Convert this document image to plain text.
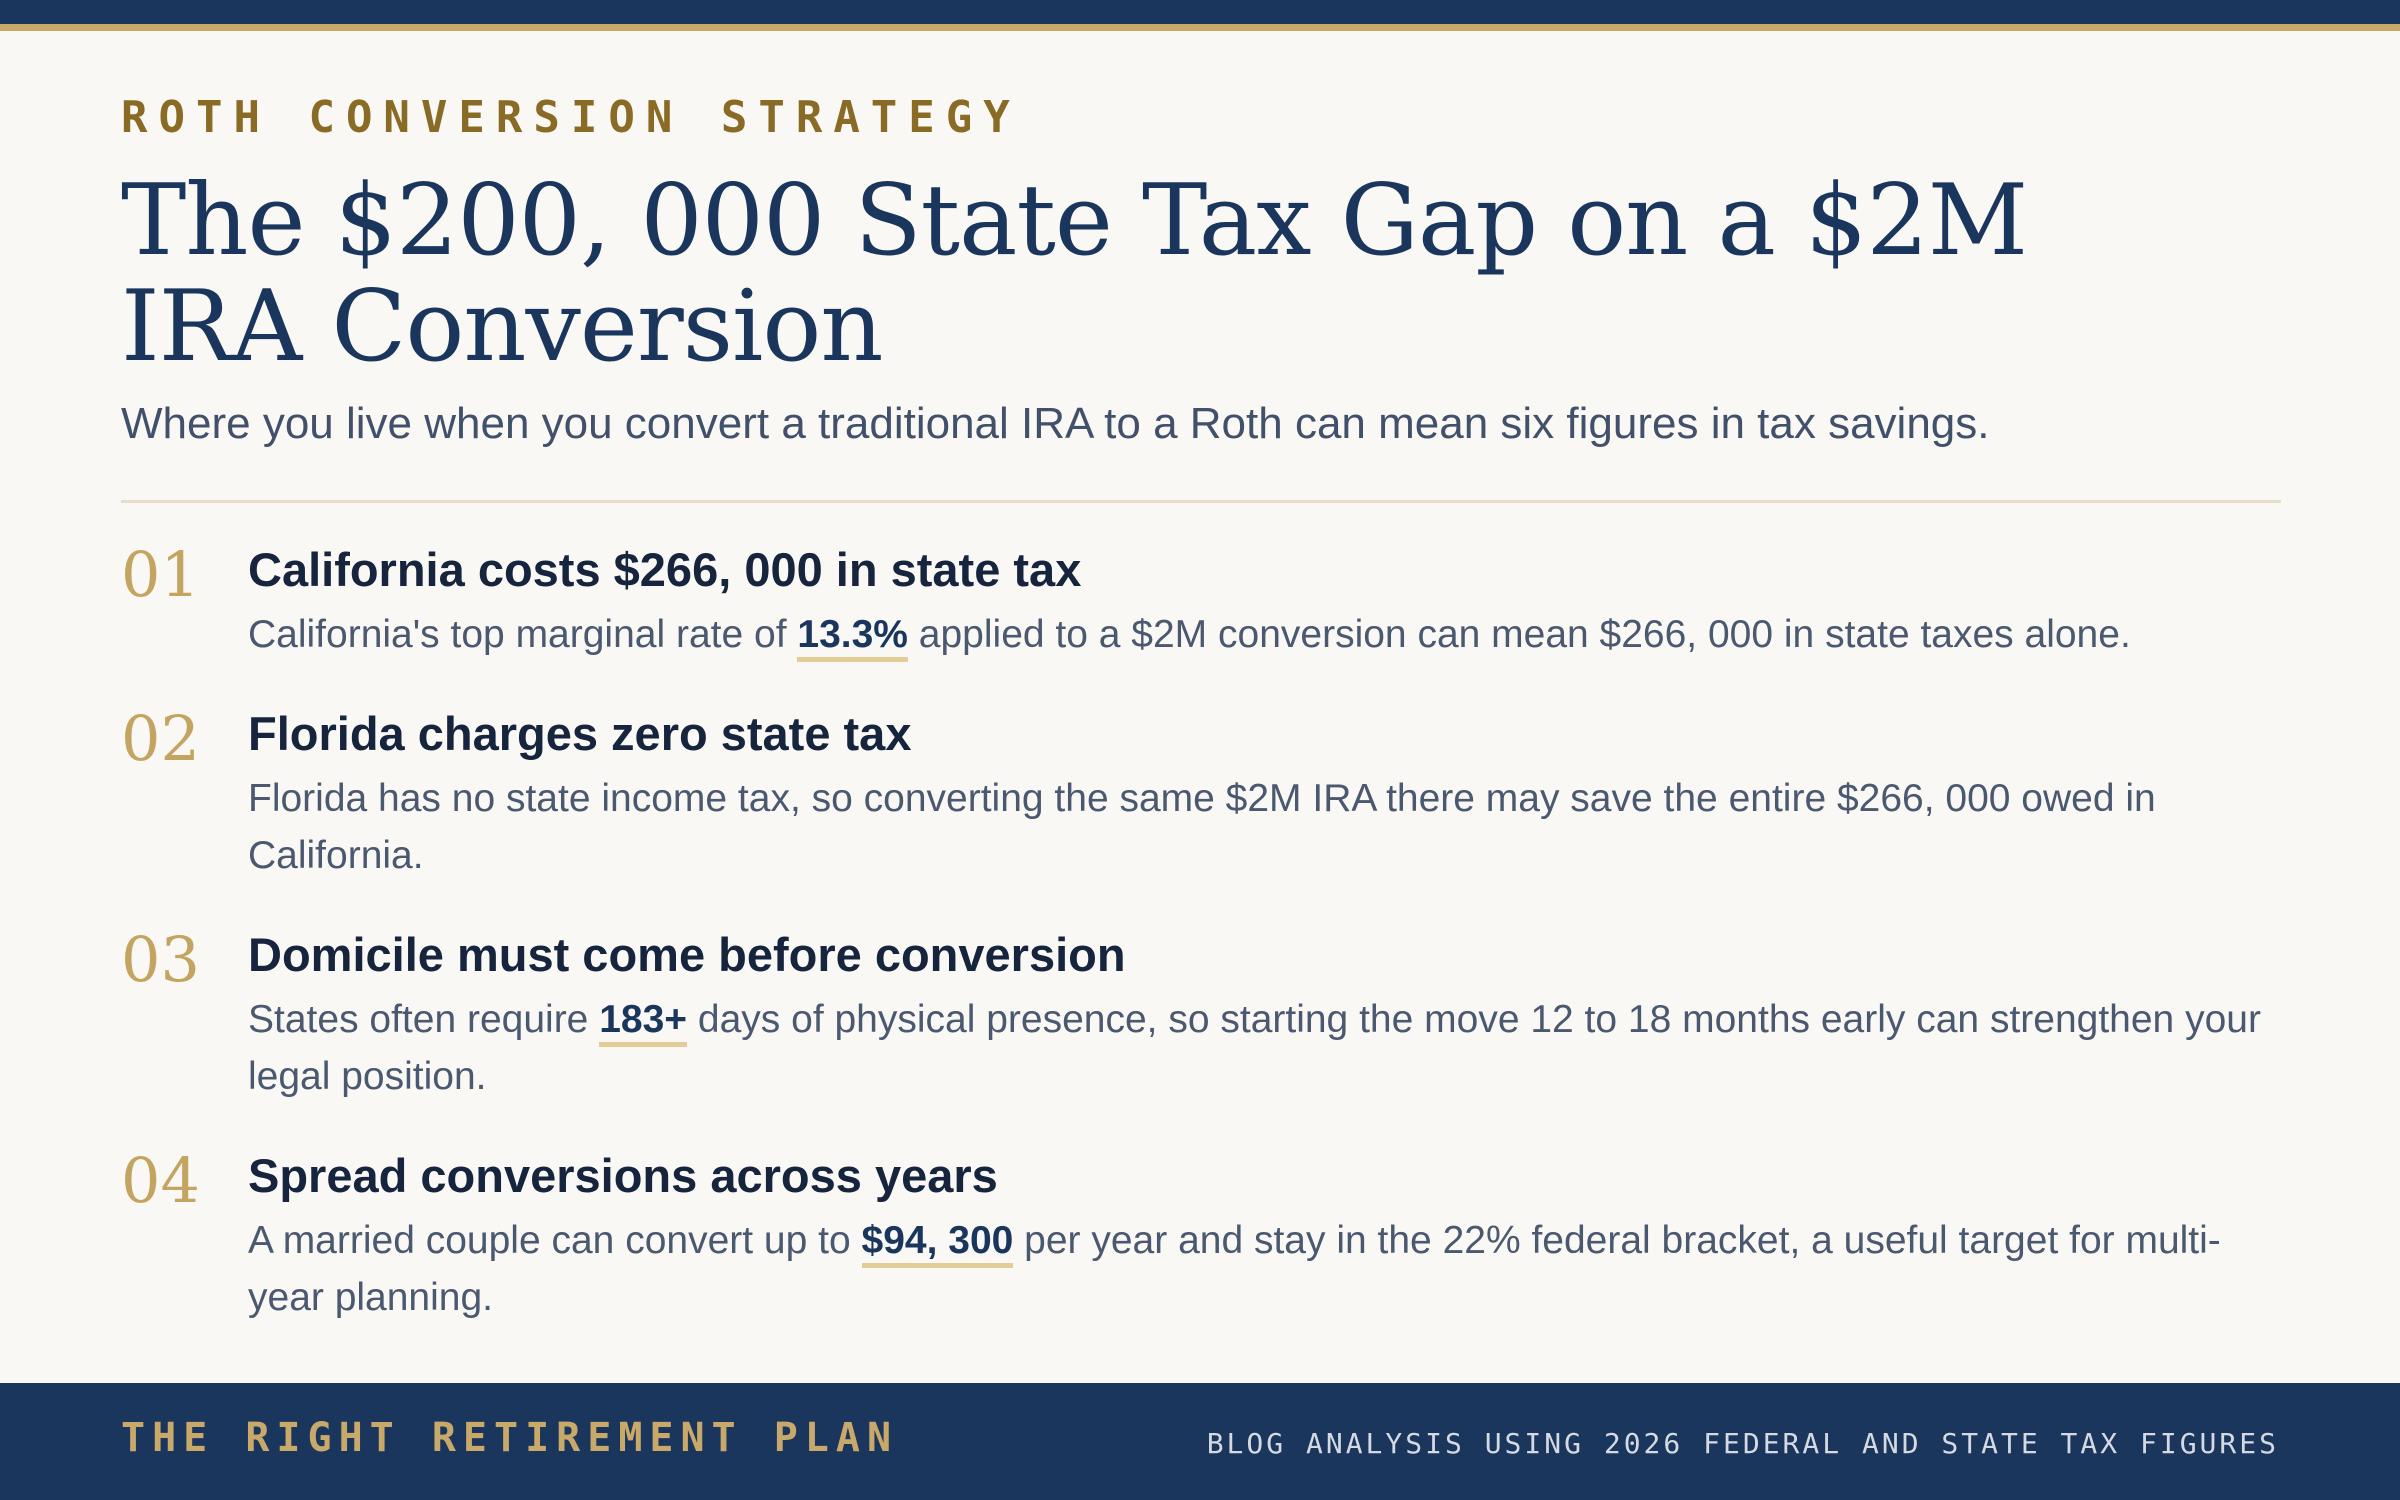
ROTH CONVERSION STRATEGY
The $200, 000 State Tax Gap on a $2M IRA Conversion
Where you live when you convert a traditional IRA to a Roth can mean six figures in tax savings.
01 California costs $266, 000 in state tax
California's top marginal rate of 13.3% applied to a $2M conversion can mean $266, 000 in state taxes alone.
02 Florida charges zero state tax
Florida has no state income tax, so converting the same $2M IRA there may save the entire $266, 000 owed in California.
03 Domicile must come before conversion
States often require 183+ days of physical presence, so starting the move 12 to 18 months early can strengthen your legal position.
04 Spread conversions across years
A married couple can convert up to $94, 300 per year and stay in the 22% federal bracket, a useful target for multi-year planning.
THE RIGHT RETIREMENT PLAN	BLOG ANALYSIS USING 2026 FEDERAL AND STATE TAX FIGURES
